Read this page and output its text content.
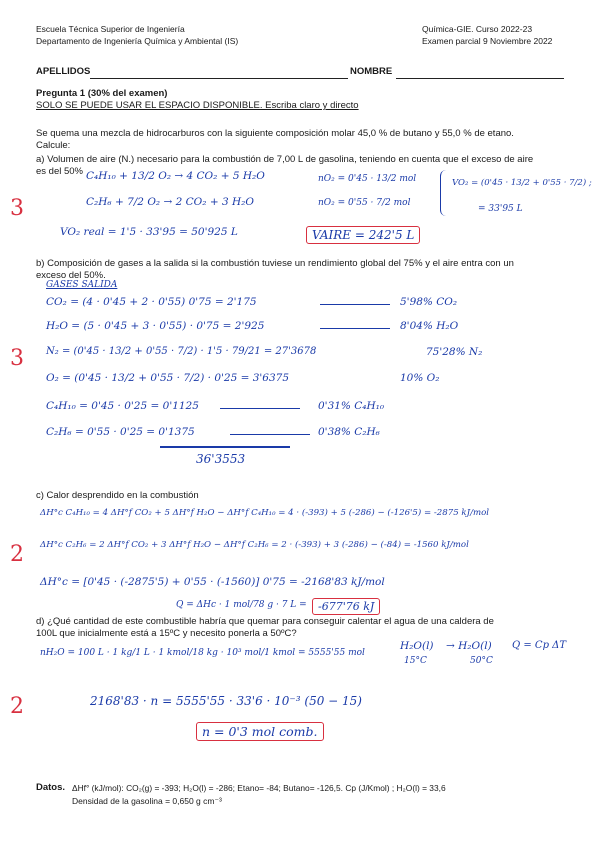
Escuela Técnica Superior de Ingeniería
Departamento de Ingeniería Química y Ambiental (IS)
Química-GIE. Curso 2022-23
Examen parcial 9 Noviembre 2022
APELLIDOS	NOMBRE
Pregunta 1 (30% del examen)
SOLO SE PUEDE USAR EL ESPACIO DISPONIBLE. Escriba claro y directo
Se quema una mezcla de hidrocarburos con la siguiente composición molar 45,0 % de butano y 55,0 % de etano.
Calcule:
a) Volumen de aire (N.) necesario para la combustión de 7,00 L de gasolina, teniendo en cuenta que el exceso de aire
es del 50%
3
C₄H₁₀ + 13/2 O₂ → 4 CO₂ + 5 H₂O
C₂H₆ + 7/2 O₂ → 2 CO₂ + 3 H₂O
nO₂ = 0'45 · 13/2 mol
nO₂ = 0'55 · 7/2 mol
VO₂ = (0'45 · 13/2 + 0'55 · 7/2) ;
= 33'95 L
VO₂ real = 1'5 · 33'95 = 50'925 L	VAIRE = 242'5 L
b) Composición de gases a la salida si la combustión tuviese un rendimiento global del 75% y el aire entra con un
exceso del 50%.
GASES SALIDA
3
CO₂ = (4 · 0'45 + 2 · 0'55) 0'75 = 2'175	5'98% CO₂
H₂O = (5 · 0'45 + 3 · 0'55) · 0'75 = 2'925	8'04% H₂O
N₂ = (0'45 · 13/2 + 0'55 · 7/2) · 1'5 · 79/21 = 27'3678	75'28% N₂
O₂ = (0'45 · 13/2 + 0'55 · 7/2) · 0'25 = 3'6375	10% O₂
C₄H₁₀ = 0'45 · 0'25 = 0'1125	0'31% C₄H₁₀
C₂H₆ = 0'55 · 0'25 = 0'1375	0'38% C₂H₆
36'3553
c) Calor desprendido en la combustión
2
ΔH°c C₄H₁₀ = 4 ΔH°f CO₂ + 5 ΔH°f H₂O − ΔH°f C₄H₁₀ = 4 · (-393) + 5 (-286) − (-126'5) = -2875 kJ/mol
ΔH°c C₂H₆ = 2 ΔH°f CO₂ + 3 ΔH°f H₂O − ΔH°f C₂H₆ = 2 · (-393) + 3 (-286) − (-84) = -1560 kJ/mol
ΔH°c = [0'45 · (-2875'5) + 0'55 · (-1560)] 0'75 = -2168'83 kJ/mol
Q = ΔHc · 1 mol/78 g · 7 L =	-677'76 kJ
d) ¿Qué cantidad de este combustible habría que quemar para conseguir calentar el agua de una caldera de
100L que inicialmente está a 15ºC y necesito ponerla a 50ºC?
nH₂O = 100 L · 1 kg/1 L · 1 kmol/18 kg · 10³ mol/1 kmol = 5555'55 mol
H₂O(l)
15°C
→ H₂O(l)
50°C
Q = Cp ΔT
2	2168'83 · n = 5555'55 · 33'6 · 10⁻³ (50 − 15)
n = 0'3 mol comb.
Datos. ΔHf° (kJ/mol): CO₂(g) = -393; H₂O(l) = -286; Etano= -84; Butano= -126,5. Cp (J/Kmol) ; H₂O(l) = 33,6
Densidad de la gasolina = 0,650 g cm⁻³
